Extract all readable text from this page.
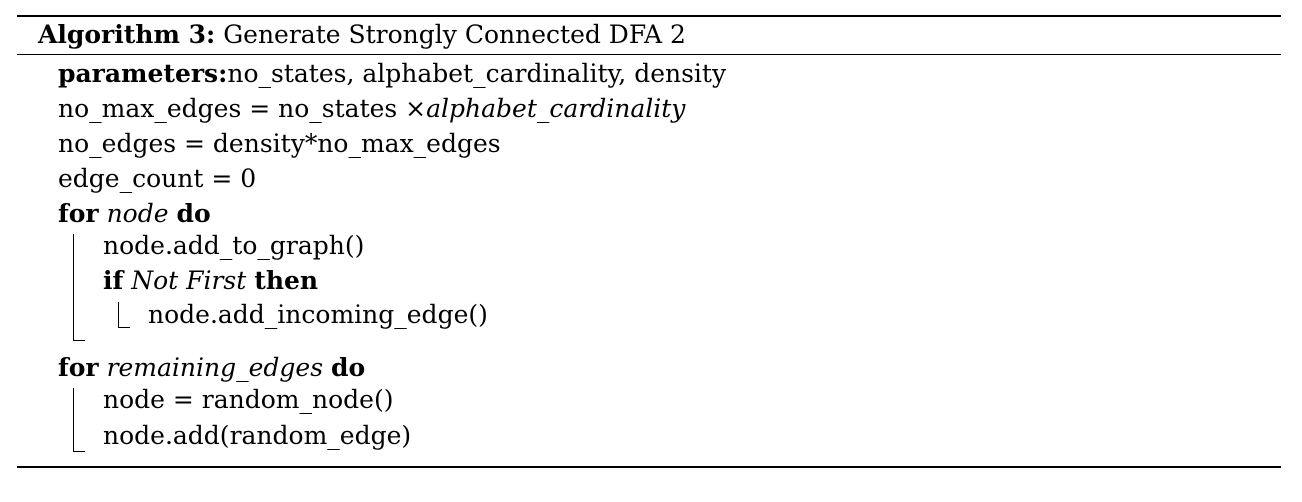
Algorithm 3: Generate Strongly Connected DFA 2
parameters:no_states, alphabet_cardinality, density
no_max_edges = no_states ×alphabet_cardinality
no_edges = density*no_max_edges
edge_count = 0
for node do
node.add_to_graph()
if Not First then
node.add_incoming_edge()
for remaining_edges do
node = random_node()
node.add(random_edge)
